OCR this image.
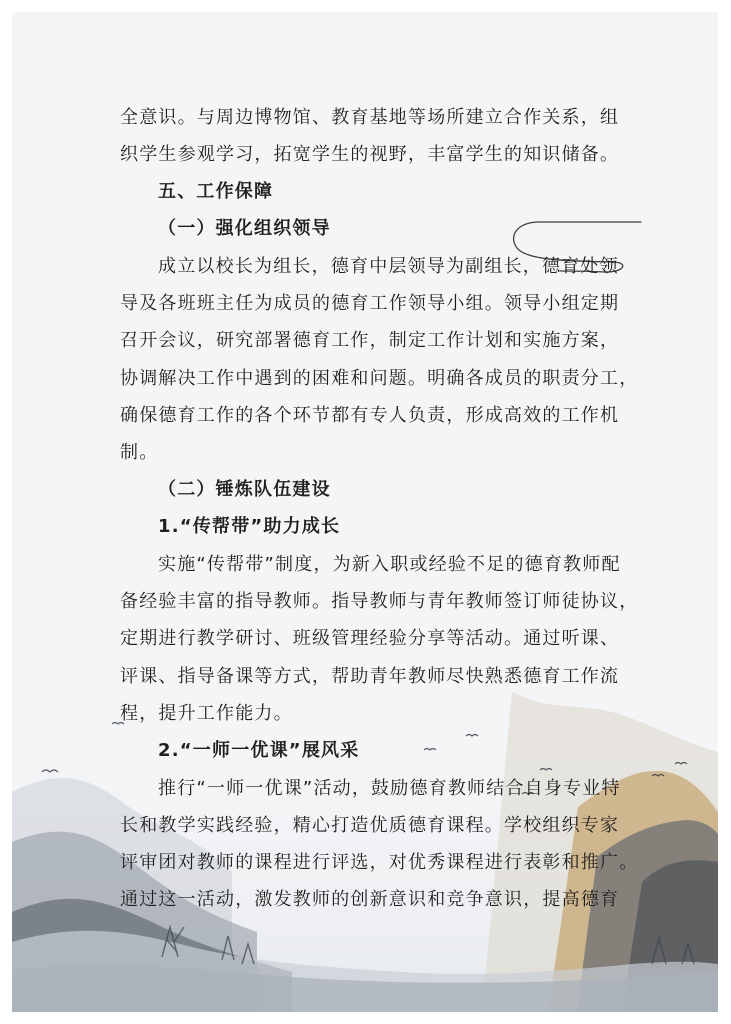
全意识。与周边博物馆、教育基地等场所建立合作关系，组

织学生参观学习，拓宽学生的视野，丰富学生的知识储备。

五、工作保障

（一）强化组织领导

成立以校长为组长，德育中层领导为副组长，德育处领

导及各班班主任为成员的德育工作领导小组。领导小组定期

召开会议，研究部署德育工作，制定工作计划和实施方案，

协调解决工作中遇到的困难和问题。明确各成员的职责分工，

确保德育工作的各个环节都有专人负责，形成高效的工作机

制。

（二）锤炼队伍建设

1.“传帮带”助力成长

实施“传帮带”制度，为新入职或经验不足的德育教师配

备经验丰富的指导教师。指导教师与青年教师签订师徒协议，

定期进行教学研讨、班级管理经验分享等活动。通过听课、

评课、指导备课等方式，帮助青年教师尽快熟悉德育工作流

程，提升工作能力。

2.“一师一优课”展风采

推行“一师一优课”活动，鼓励德育教师结合自身专业特

长和教学实践经验，精心打造优质德育课程。学校组织专家

评审团对教师的课程进行评选，对优秀课程进行表彰和推广。

通过这一活动，激发教师的创新意识和竞争意识，提高德育
